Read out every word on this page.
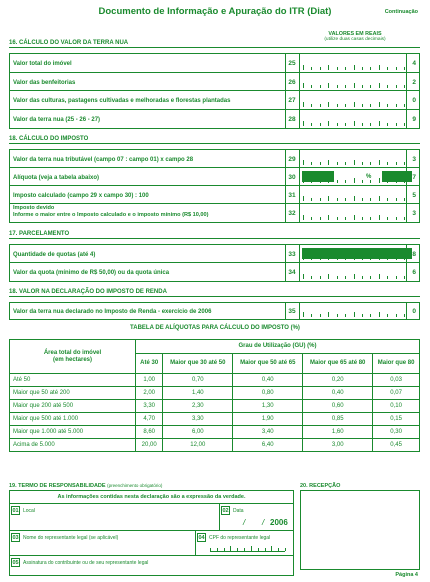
Documento de Informação e Apuração do ITR (Diat)	Continuação
16. CÁLCULO DO VALOR DA TERRA NUA
VALORES EM REAIS
(utilize duas casas decimais)
Valor total do imóvel	25	4
Valor das benfeitorias	26	2
Valor das culturas, pastagens cultivadas e melhoradas e florestas plantadas	27	0
Valor da terra nua (25 - 26 - 27)	28	9
18. CÁLCULO DO IMPOSTO
Valor da terra nua tributável (campo 07 : campo 01) x campo 28	29	3
Alíquota (veja a tabela abaixo)	30	%	7
Imposto calculado (campo 29 x campo 30) : 100	31	5
Imposto devido
Informe o maior entre o Imposto calculado e o imposto mínimo (R$ 10,00)	32	3
17. PARCELAMENTO
Quantidade de quotas (até 4)	33	8
Valor da quota (mínimo de R$ 50,00) ou da quota única	34	6
18. VALOR NA DECLARAÇÃO DO IMPOSTO DE RENDA
Valor da terra nua declarado no Imposto de Renda - exercício de 2006	35	0
TABELA DE ALÍQUOTAS PARA CÁLCULO DO IMPOSTO (%)
Área total do imóvel
(em hectares)	Grau de Utilização (GU) (%)				
	Até 30	Maior que 30 até 50	Maior que 50 até 65	Maior que 65 até 80	Maior que 80
Até 50	1,00	0,70	0,40	0,20	0,03
Maior que 50 até 200	2,00	1,40	0,80	0,40	0,07
Maior que 200 até 500	3,30	2,30	1,30	0,60	0,10
Maior que 500 até 1.000	4,70	3,30	1,90	0,85	0,15
Maior que 1.000 até 5.000	8,60	6,00	3,40	1,60	0,30
Acima de 5.000	20,00	12,00	6,40	3,00	0,45
19. TERMO DE RESPONSABILIDADE (preenchimento obrigatório)	20. RECEPÇÃO
As informações contidas nesta declaração são a expressão da verdade.
01 Local	02 Data
/ / 2006
03 Nome do representante legal (se aplicável)	04 CPF do representante legal
05 Assinatura do contribuinte ou de seu representante legal
Página 4
